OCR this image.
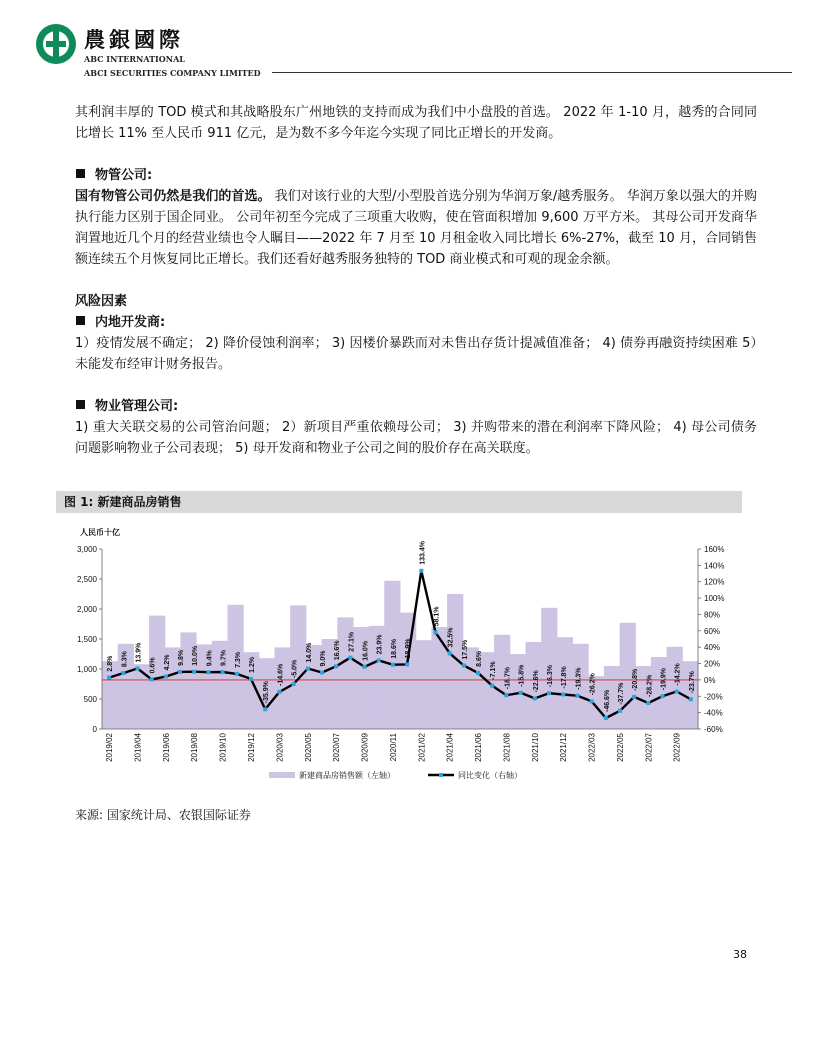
農銀國際
ABC INTERNATIONAL
ABCI SECURITIES COMPANY LIMITED

其利润丰厚的 TOD 模式和其战略股东广州地铁的支持而成为我们中小盘股的首选。 2022 年 1-10 月，越秀的合同同比增长 11% 至人民币 911 亿元，是为数不多今年迄今实现了同比正增长的开发商。

物管公司:

国有物管公司仍然是我们的首选。 我们对该行业的大型/小型股首选分别为华润万象/越秀服务。 华润万象以强大的并购执行能力区别于国企同业。 公司年初至今完成了三项重大收购，使在管面积增加 9,600 万平方米。 其母公司开发商华润置地近几个月的经营业绩也令人瞩目——2022 年 7 月至 10 月租金收入同比增长 6%-27%，截至 10 月，合同销售额连续五个月恢复同比正增长。我们还看好越秀服务独特的 TOD 商业模式和可观的现金余额。

风险因素

内地开发商:

1）疫情发展不确定； 2) 降价侵蚀利润率； 3) 因楼价暴跌而对未售出存货计提减值准备； 4) 债券再融资持续困难 5）未能发布经审计财务报告。

物业管理公司:

1) 重大关联交易的公司管治问题； 2）新项目严重依赖母公司； 3) 并购带来的潜在利润率下降风险； 4) 母公司债务问题影响物业子公司表现； 5) 母开发商和物业子公司之间的股价存在高关联度。

图 1: 新建商品房销售
人民币十亿
0
500
1,000
1,500
2,000
2,500
3,000
-60%
-40%
-20%
0%
20%
40%
60%
80%
100%
120%
140%
160%
2.8% 8.3% 13.9%
0.6% 4.2% 9.8% 10.0% 9.4% 9.7% 7.3% 1.2%
-35.9%
-14.6% -5.0%
14.0% 9.0% 16.6% 27.1% 16.0% 23.9% 18.6% 18.9%
133.4%
58.1%
32.5%
17.5% 8.6%
-7.1% -18.7% -15.8% -22.6% -16.3% -17.8% -19.3% -26.2%
-46.6% -37.7%
-20.8% -28.2% -19.9% -14.2% -23.7%
2019/02 2019/04 2019/06 2019/08 2019/10 2019/12 2020/03 2020/05 2020/07 2020/09 2020/11 2021/02 2021/04 2021/06 2021/08 2021/10 2021/12 2022/03 2022/05 2022/07 2022/09
新建商品房销售额（左轴）	同比变化（右轴）
来源: 国家统计局、农银国际证券
38
